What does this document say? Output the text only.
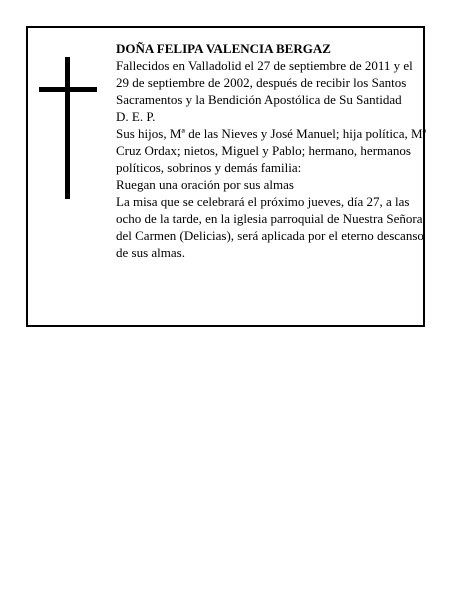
DOÑA FELIPA VALENCIA BERGAZ

Fallecidos en Valladolid el 27 de septiembre de 2011 y el 29 de septiembre de 2002, después de recibir los Santos Sacramentos y la Bendición Apostólica de Su Santidad

D. E. P.

Sus hijos, Mª de las Nieves y José Manuel; hija política, Mª Cruz Ordax; nietos, Miguel y Pablo; hermano, hermanos políticos, sobrinos y demás familia:

Ruegan una oración por sus almas

La misa que se celebrará el próximo jueves, día 27, a las ocho de la tarde, en la iglesia parroquial de Nuestra Señora del Carmen (Delicias), será aplicada por el eterno descanso de sus almas.
